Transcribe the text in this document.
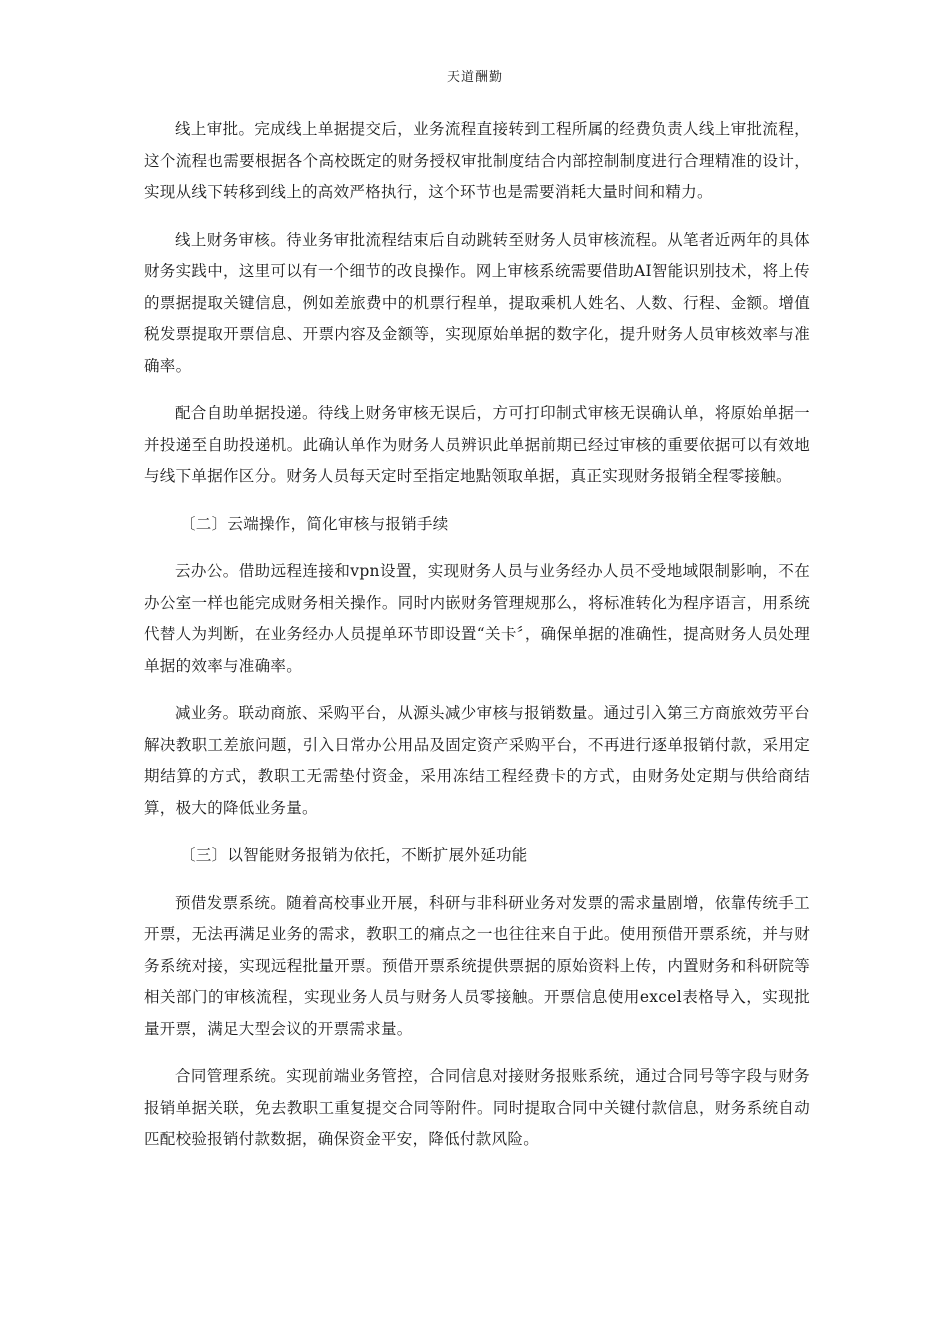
天道酬勤

线上审批。完成线上单据提交后，业务流程直接转到工程所属的经费负责人线上审批流程，这个流程也需要根据各个高校既定的财务授权审批制度结合内部控制制度进行合理精准的设计，实现从线下转移到线上的高效严格执行，这个环节也是需要消耗大量时间和精力。

线上财务审核。待业务审批流程结束后自动跳转至财务人员审核流程。从笔者近两年的具体财务实践中，这里可以有一个细节的改良操作。网上审核系统需要借助AI智能识别技术，将上传的票据提取关键信息，例如差旅费中的机票行程单，提取乘机人姓名、人数、行程、金额。增值税发票提取开票信息、开票内容及金额等，实现原始单据的数字化，提升财务人员审核效率与准确率。

配合自助单据投递。待线上财务审核无误后，方可打印制式审核无误确认单，将原始单据一并投递至自助投递机。此确认单作为财务人员辨识此单据前期已经过审核的重要依据可以有效地与线下单据作区分。财务人员每天定时至指定地點领取单据，真正实现财务报销全程零接触。

〔二〕云端操作，简化审核与报销手续

云办公。借助远程连接和vpn设置，实现财务人员与业务经办人员不受地域限制影响，不在办公室一样也能完成财务相关操作。同时内嵌财务管理规那么，将标准转化为程序语言，用系统代替人为判断，在业务经办人员提单环节即设置“关卡〞，确保单据的准确性，提高财务人员处理单据的效率与准确率。

减业务。联动商旅、采购平台，从源头减少审核与报销数量。通过引入第三方商旅效劳平台解决教职工差旅问题，引入日常办公用品及固定资产采购平台，不再进行逐单报销付款，采用定期结算的方式，教职工无需垫付资金，采用冻结工程经费卡的方式，由财务处定期与供给商结算，极大的降低业务量。

〔三〕以智能财务报销为依托，不断扩展外延功能

预借发票系统。随着高校事业开展，科研与非科研业务对发票的需求量剧增，依靠传统手工开票，无法再满足业务的需求，教职工的痛点之一也往往来自于此。使用预借开票系统，并与财务系统对接，实现远程批量开票。预借开票系统提供票据的原始资料上传，内置财务和科研院等相关部门的审核流程，实现业务人员与财务人员零接触。开票信息使用excel表格导入，实现批量开票，满足大型会议的开票需求量。

合同管理系统。实现前端业务管控，合同信息对接财务报账系统，通过合同号等字段与财务报销单据关联，免去教职工重复提交合同等附件。同时提取合同中关键付款信息，财务系统自动匹配校验报销付款数据，确保资金平安，降低付款风险。
